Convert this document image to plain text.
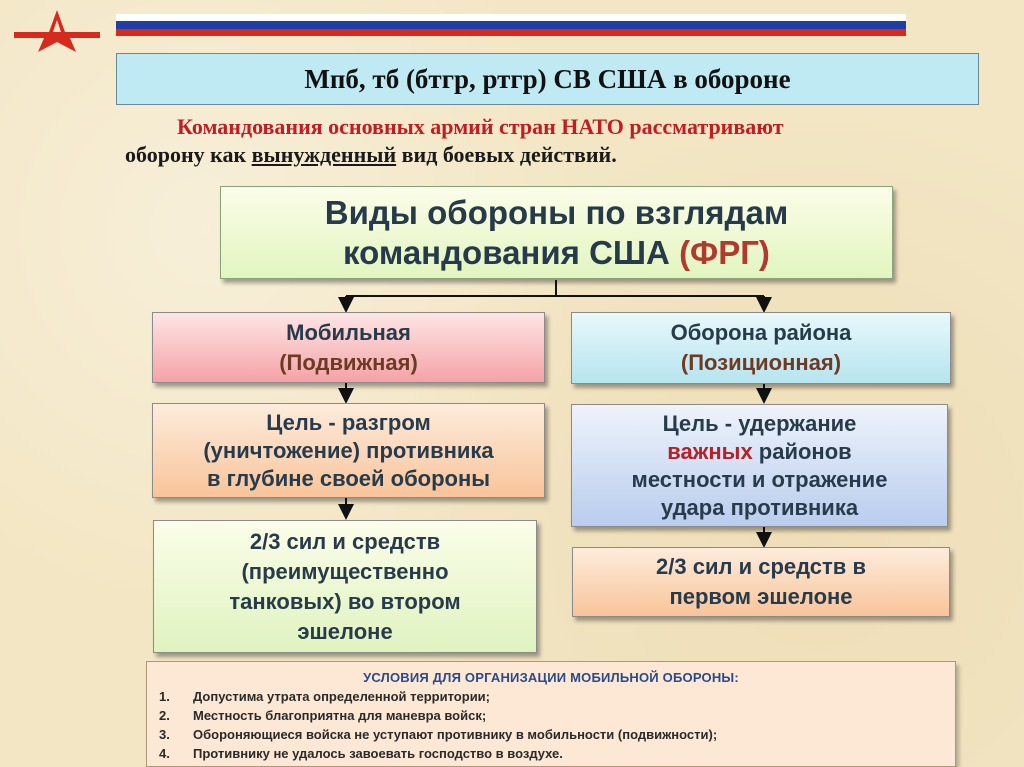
Мпб, тб (бтгр, ртгр) СВ США в обороне
Командования основных армий стран НАТО рассматривают
оборону как вынужденный вид боевых действий.
Виды обороны по взглядам
командования США (ФРГ)
Мобильная
(Подвижная)
Цель - разгром
(уничтожение) противника
в глубине своей обороны
2/3 сил и средств
(преимущественно
танковых) во втором
эшелоне
Оборона района
(Позиционная)
Цель - удержание
важных районов
местности и отражение
удара противника
2/3 сил и средств в
первом эшелоне
УСЛОВИЯ ДЛЯ ОРГАНИЗАЦИИ МОБИЛЬНОЙ ОБОРОНЫ:
1.	Допустима утрата определенной территории;
2.	Местность благоприятна для маневра войск;
3.	Обороняющиеся войска не уступают противнику в мобильности (подвижности);
4.	Противнику не удалось завоевать господство в воздухе.
